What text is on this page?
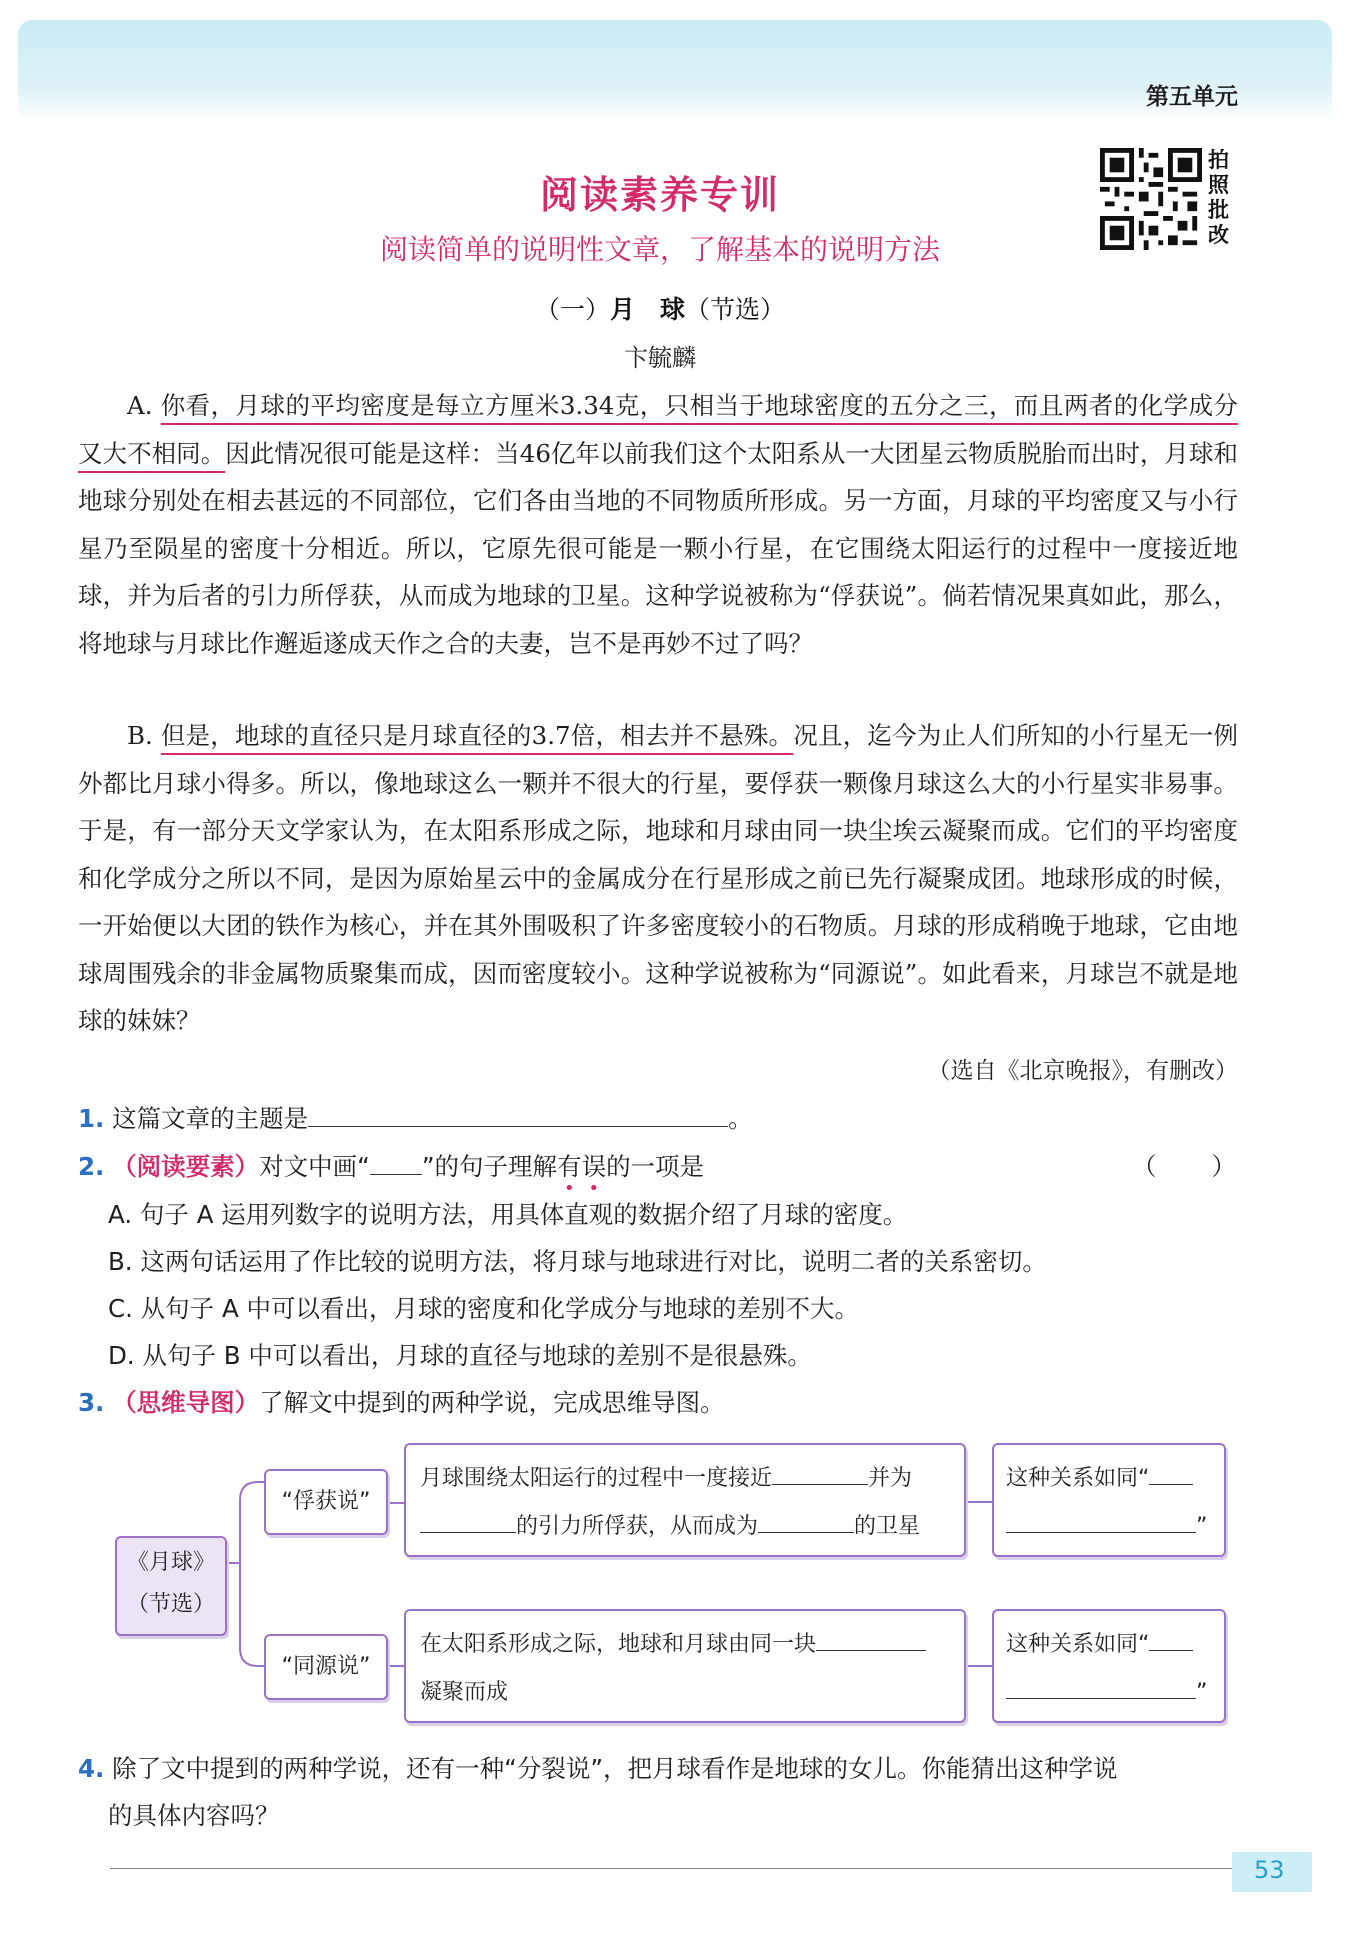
第五单元
拍照批改
阅读素养专训
阅读简单的说明性文章，了解基本的说明方法
（一）月　球（节选）
卞毓麟
A. 你看，月球的平均密度是每立方厘米3.34克，只相当于地球密度的五分之三，而且两者的化学成分又大不相同。因此情况很可能是这样：当46亿年以前我们这个太阳系从一大团星云物质脱胎而出时，月球和地球分别处在相去甚远的不同部位，它们各由当地的不同物质所形成。另一方面，月球的平均密度又与小行星乃至陨星的密度十分相近。所以，它原先很可能是一颗小行星，在它围绕太阳运行的过程中一度接近地球，并为后者的引力所俘获，从而成为地球的卫星。这种学说被称为“俘获说”。倘若情况果真如此，那么，将地球与月球比作邂逅遂成天作之合的夫妻，岂不是再妙不过了吗？
B. 但是，地球的直径只是月球直径的3.7倍，相去并不悬殊。况且，迄今为止人们所知的小行星无一例外都比月球小得多。所以，像地球这么一颗并不很大的行星，要俘获一颗像月球这么大的小行星实非易事。于是，有一部分天文学家认为，在太阳系形成之际，地球和月球由同一块尘埃云凝聚而成。它们的平均密度和化学成分之所以不同，是因为原始星云中的金属成分在行星形成之前已先行凝聚成团。地球形成的时候，一开始便以大团的铁作为核心，并在其外围吸积了许多密度较小的石物质。月球的形成稍晚于地球，它由地球周围残余的非金属物质聚集而成，因而密度较小。这种学说被称为“同源说”。如此看来，月球岂不就是地球的妹妹？
（选自《北京晚报》，有删改）
1. 这篇文章的主题是	。
2. （阅读要素）对文中画“ ”的句子理解有误的一项是	（　　）
A. 句子 A 运用列数字的说明方法，用具体直观的数据介绍了月球的密度。
B. 这两句话运用了作比较的说明方法，将月球与地球进行对比，说明二者的关系密切。
C. 从句子 A 中可以看出，月球的密度和化学成分与地球的差别不大。
D. 从句子 B 中可以看出，月球的直径与地球的差别不是很悬殊。
3. （思维导图）了解文中提到的两种学说，完成思维导图。
《月球》
（节选）
“俘获说”
月球围绕太阳运行的过程中一度接近	并为
的引力所俘获，从而成为	的卫星
这种关系如同“
”
“同源说”
在太阳系形成之际，地球和月球由同一块
凝聚而成
这种关系如同“
”
4. 除了文中提到的两种学说，还有一种“分裂说”，把月球看作是地球的女儿。你能猜出这种学说
的具体内容吗？
53
